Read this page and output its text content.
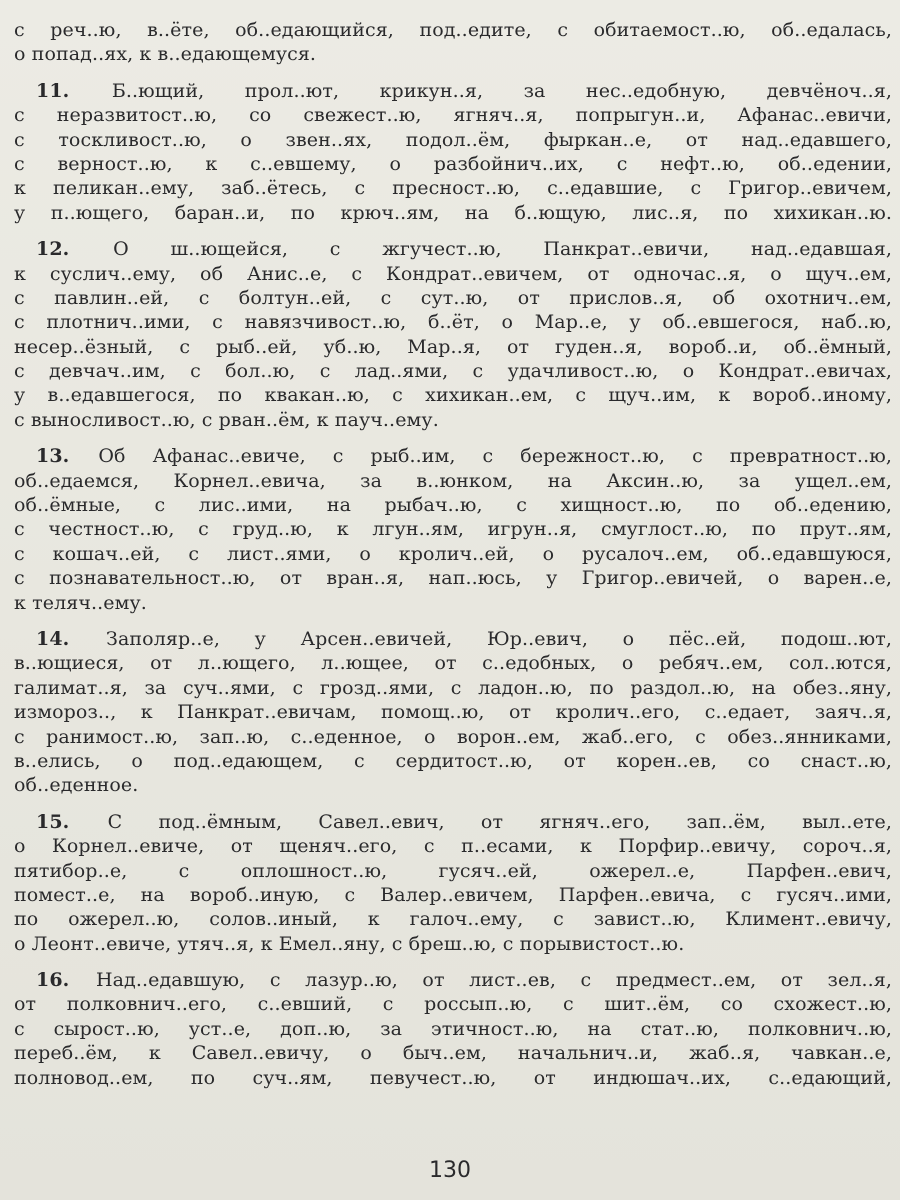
с реч..ю, в..ёте, об..едающийся, под..едите, с обитаемост..ю, об..едалась,
о попад..ях, к в..едающемуся.
11. Б..ющий, прол..ют, крикун..я, за нес..едобную, девчёноч..я,
с неразвитост..ю, со свежест..ю, ягняч..я, попрыгун..и, Афанас..евичи,
с тоскливост..ю, о звен..ях, подол..ём, фыркан..е, от над..едавшего,
с верност..ю, к с..евшему, о разбойнич..их, с нефт..ю, об..едении,
к пеликан..ему, заб..ётесь, с пресност..ю, с..едавшие, с Григор..евичем,
у п..ющего, баран..и, по крюч..ям, на б..ющую, лис..я, по хихикан..ю.
12. О ш..ющейся, с жгучест..ю, Панкрат..евичи, над..едавшая,
к суслич..ему, об Анис..е, с Кондрат..евичем, от одночас..я, о щуч..ем,
с павлин..ей, с болтун..ей, с сут..ю, от прислов..я, об охотнич..ем,
с плотнич..ими, с навязчивост..ю, б..ёт, о Мар..е, у об..евшегося, наб..ю,
несер..ёзный, с рыб..ей, уб..ю, Мар..я, от гуден..я, вороб..и, об..ёмный,
с девчач..им, с бол..ю, с лад..ями, с удачливост..ю, о Кондрат..евичах,
у в..едавшегося, по квакан..ю, с хихикан..ем, с щуч..им, к вороб..иному,
с выносливост..ю, с рван..ём, к пауч..ему.
13. Об Афанас..евиче, с рыб..им, с бережност..ю, с превратност..ю,
об..едаемся, Корнел..евича, за в..юнком, на Аксин..ю, за ущел..ем,
об..ёмные, с лис..ими, на рыбач..ю, с хищност..ю, по об..едению,
с честност..ю, с груд..ю, к лгун..ям, игрун..я, смуглост..ю, по прут..ям,
с кошач..ей, с лист..ями, о кролич..ей, о русалоч..ем, об..едавшуюся,
с познавательност..ю, от вран..я, нап..юсь, у Григор..евичей, о варен..е,
к теляч..ему.
14. Заполяр..е, у Арсен..евичей, Юр..евич, о пёс..ей, подош..ют,
в..ющиеся, от л..ющего, л..ющее, от с..едобных, о ребяч..ем, сол..ются,
галимат..я, за суч..ями, с грозд..ями, с ладон..ю, по раздол..ю, на обез..яну,
измороз.., к Панкрат..евичам, помощ..ю, от кролич..его, с..едает, заяч..я,
с ранимост..ю, зап..ю, с..еденное, о ворон..ем, жаб..его, с обез..янниками,
в..елись, о под..едающем, с сердитост..ю, от корен..ев, со снаст..ю,
об..еденное.
15. С под..ёмным, Савел..евич, от ягняч..его, зап..ём, выл..ете,
о Корнел..евиче, от щеняч..его, с п..есами, к Порфир..евичу, сороч..я,
пятибор..е, с оплошност..ю, гусяч..ей, ожерел..е, Парфен..евич,
помест..е, на вороб..иную, с Валер..евичем, Парфен..евича, с гусяч..ими,
по ожерел..ю, солов..иный, к галоч..ему, с завист..ю, Климент..евичу,
о Леонт..евиче, утяч..я, к Емел..яну, с бреш..ю, с порывистост..ю.
16. Над..едавшую, с лазур..ю, от лист..ев, с предмест..ем, от зел..я,
от полковнич..его, с..евший, с россып..ю, с шит..ём, со схожест..ю,
с сырост..ю, уст..е, доп..ю, за этичност..ю, на стат..ю, полковнич..ю,
переб..ём, к Савел..евичу, о быч..ем, начальнич..и, жаб..я, чавкан..е,
полновод..ем, по суч..ям, певучест..ю, от индюшач..их, с..едающий,
130
